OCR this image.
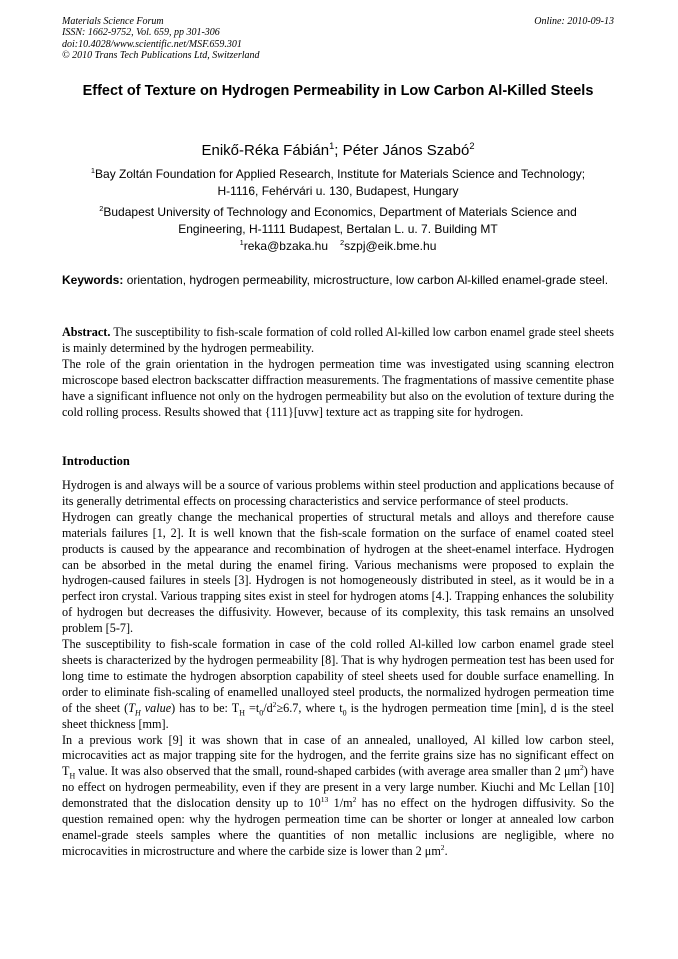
Materials Science Forum
ISSN: 1662-9752, Vol. 659, pp 301-306
doi:10.4028/www.scientific.net/MSF.659.301
© 2010 Trans Tech Publications Ltd, Switzerland
Online: 2010-09-13
Effect of Texture on Hydrogen Permeability in Low Carbon Al-Killed Steels
Enikő-Réka Fábián$^1$; Péter János Szabó$^2$
$^1$Bay Zoltán Foundation for Applied Research, Institute for Materials Science and Technology;
H-1116, Fehérvári u. 130, Budapest, Hungary
$^2$Budapest University of Technology and Economics, Department of Materials Science and
Engineering, H-1111 Budapest, Bertalan L. u. 7. Building MT
$^1$reka@bzaka.hu $^2$szpj@eik.bme.hu
Keywords: orientation, hydrogen permeability, microstructure, low carbon Al-killed enamel-grade steel.

Abstract. The susceptibility to fish-scale formation of cold rolled Al-killed low carbon enamel grade steel sheets is mainly determined by the hydrogen permeability.

The role of the grain orientation in the hydrogen permeation time was investigated using scanning electron microscope based electron backscatter diffraction measurements. The fragmentations of massive cementite phase have a significant influence not only on the hydrogen permeability but also on the evolution of texture during the cold rolling process. Results showed that {111}[uvw] texture act as trapping site for hydrogen.

Introduction

Hydrogen is and always will be a source of various problems within steel production and applications because of its generally detrimental effects on processing characteristics and service performance of steel products.

Hydrogen can greatly change the mechanical properties of structural metals and alloys and therefore cause materials failures [1, 2]. It is well known that the fish-scale formation on the surface of enamel coated steel products is caused by the appearance and recombination of hydrogen at the sheet-enamel interface. Hydrogen can be absorbed in the metal during the enamel firing. Various mechanisms were proposed to explain the hydrogen-caused failures in steels [3]. Hydrogen is not homogeneously distributed in steel, as it would be in a perfect iron crystal. Various trapping sites exist in steel for hydrogen atoms [4.]. Trapping enhances the solubility of hydrogen but decreases the diffusivity. However, because of its complexity, this task remains an unsolved problem [5-7].

The susceptibility to fish-scale formation in case of the cold rolled Al-killed low carbon enamel grade steel sheets is characterized by the hydrogen permeability [8]. That is why hydrogen permeation test has been used for long time to estimate the hydrogen absorption capability of steel sheets used for double surface enamelling. In order to eliminate fish-scaling of enamelled unalloyed steel products, the normalized hydrogen permeation time of the sheet ($T_H$ value) has to be: $T_H =t_0/d^2\ge 6.7$, where $t_0$ is the hydrogen permeation time [min], d is the steel sheet thickness [mm].

In a previous work [9] it was shown that in case of an annealed, unalloyed, Al killed low carbon steel, microcavities act as major trapping site for the hydrogen, and the ferrite grains size has no significant effect on $T_H$ value. It was also observed that the small, round-shaped carbides (with average area smaller than 2 $\mu m^2$) have no effect on hydrogen permeability, even if they are present in a very large number. Kiuchi and Mc Lellan [10] demonstrated that the dislocation density up to $10^{13}$ $1/m^2$ has no effect on the hydrogen diffusivity. So the question remained open: why the hydrogen permeation time can be shorter or longer at annealed low carbon enamel-grade steels samples where the quantities of non metallic inclusions are negligible, where no microcavities in microstructure and where the carbide size is lower than 2 $\mu m^2$.
